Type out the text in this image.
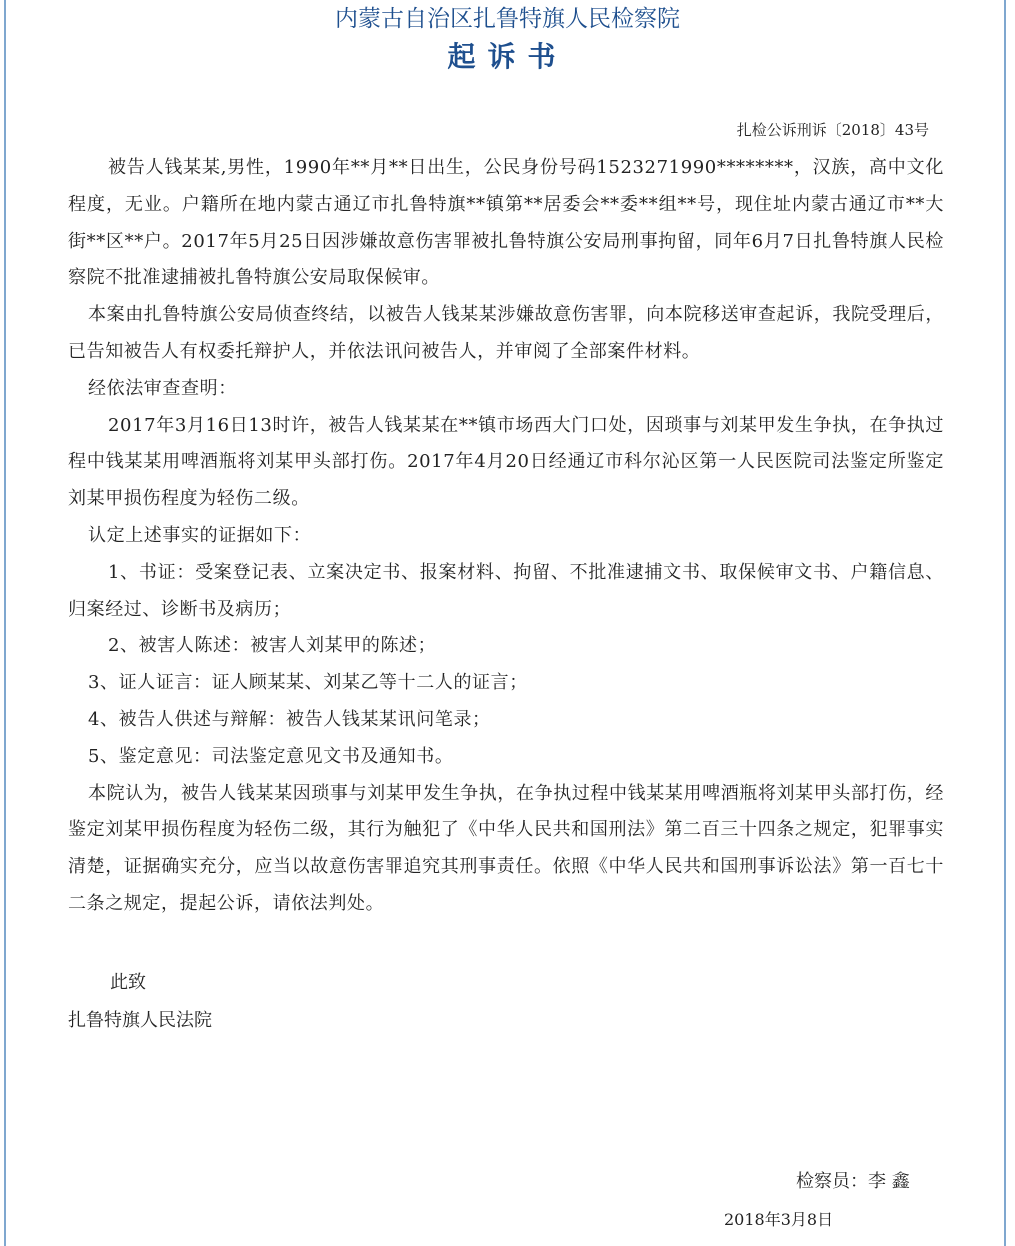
内蒙古自治区扎鲁特旗人民检察院
起诉书
扎检公诉刑诉〔2018〕43号

被告人钱某某,男性，1990年**月**日出生，公民身份号码1523271990********，汉族，高中文化程度，无业。户籍所在地内蒙古通辽市扎鲁特旗**镇第**居委会**委**组**号，现住址内蒙古通辽市**大街**区**户。2017年5月25日因涉嫌故意伤害罪被扎鲁特旗公安局刑事拘留，同年6月7日扎鲁特旗人民检察院不批准逮捕被扎鲁特旗公安局取保候审。

本案由扎鲁特旗公安局侦查终结，以被告人钱某某涉嫌故意伤害罪，向本院移送审查起诉，我院受理后，已告知被告人有权委托辩护人，并依法讯问被告人，并审阅了全部案件材料。

经依法审查查明：

2017年3月16日13时许，被告人钱某某在**镇市场西大门口处，因琐事与刘某甲发生争执，在争执过程中钱某某用啤酒瓶将刘某甲头部打伤。2017年4月20日经通辽市科尔沁区第一人民医院司法鉴定所鉴定刘某甲损伤程度为轻伤二级。

认定上述事实的证据如下：

1、书证：受案登记表、立案决定书、报案材料、拘留、不批准逮捕文书、取保候审文书、户籍信息、归案经过、诊断书及病历；

2、被害人陈述：被害人刘某甲的陈述；

3、证人证言：证人顾某某、刘某乙等十二人的证言；

4、被告人供述与辩解：被告人钱某某讯问笔录；

5、鉴定意见：司法鉴定意见文书及通知书。

本院认为，被告人钱某某因琐事与刘某甲发生争执，在争执过程中钱某某用啤酒瓶将刘某甲头部打伤，经鉴定刘某甲损伤程度为轻伤二级，其行为触犯了《中华人民共和国刑法》第二百三十四条之规定，犯罪事实清楚，证据确实充分，应当以故意伤害罪追究其刑事责任。依照《中华人民共和国刑事诉讼法》第一百七十二条之规定，提起公诉，请依法判处。

此致
扎鲁特旗人民法院
检察员：李 鑫
2018年3月8日
